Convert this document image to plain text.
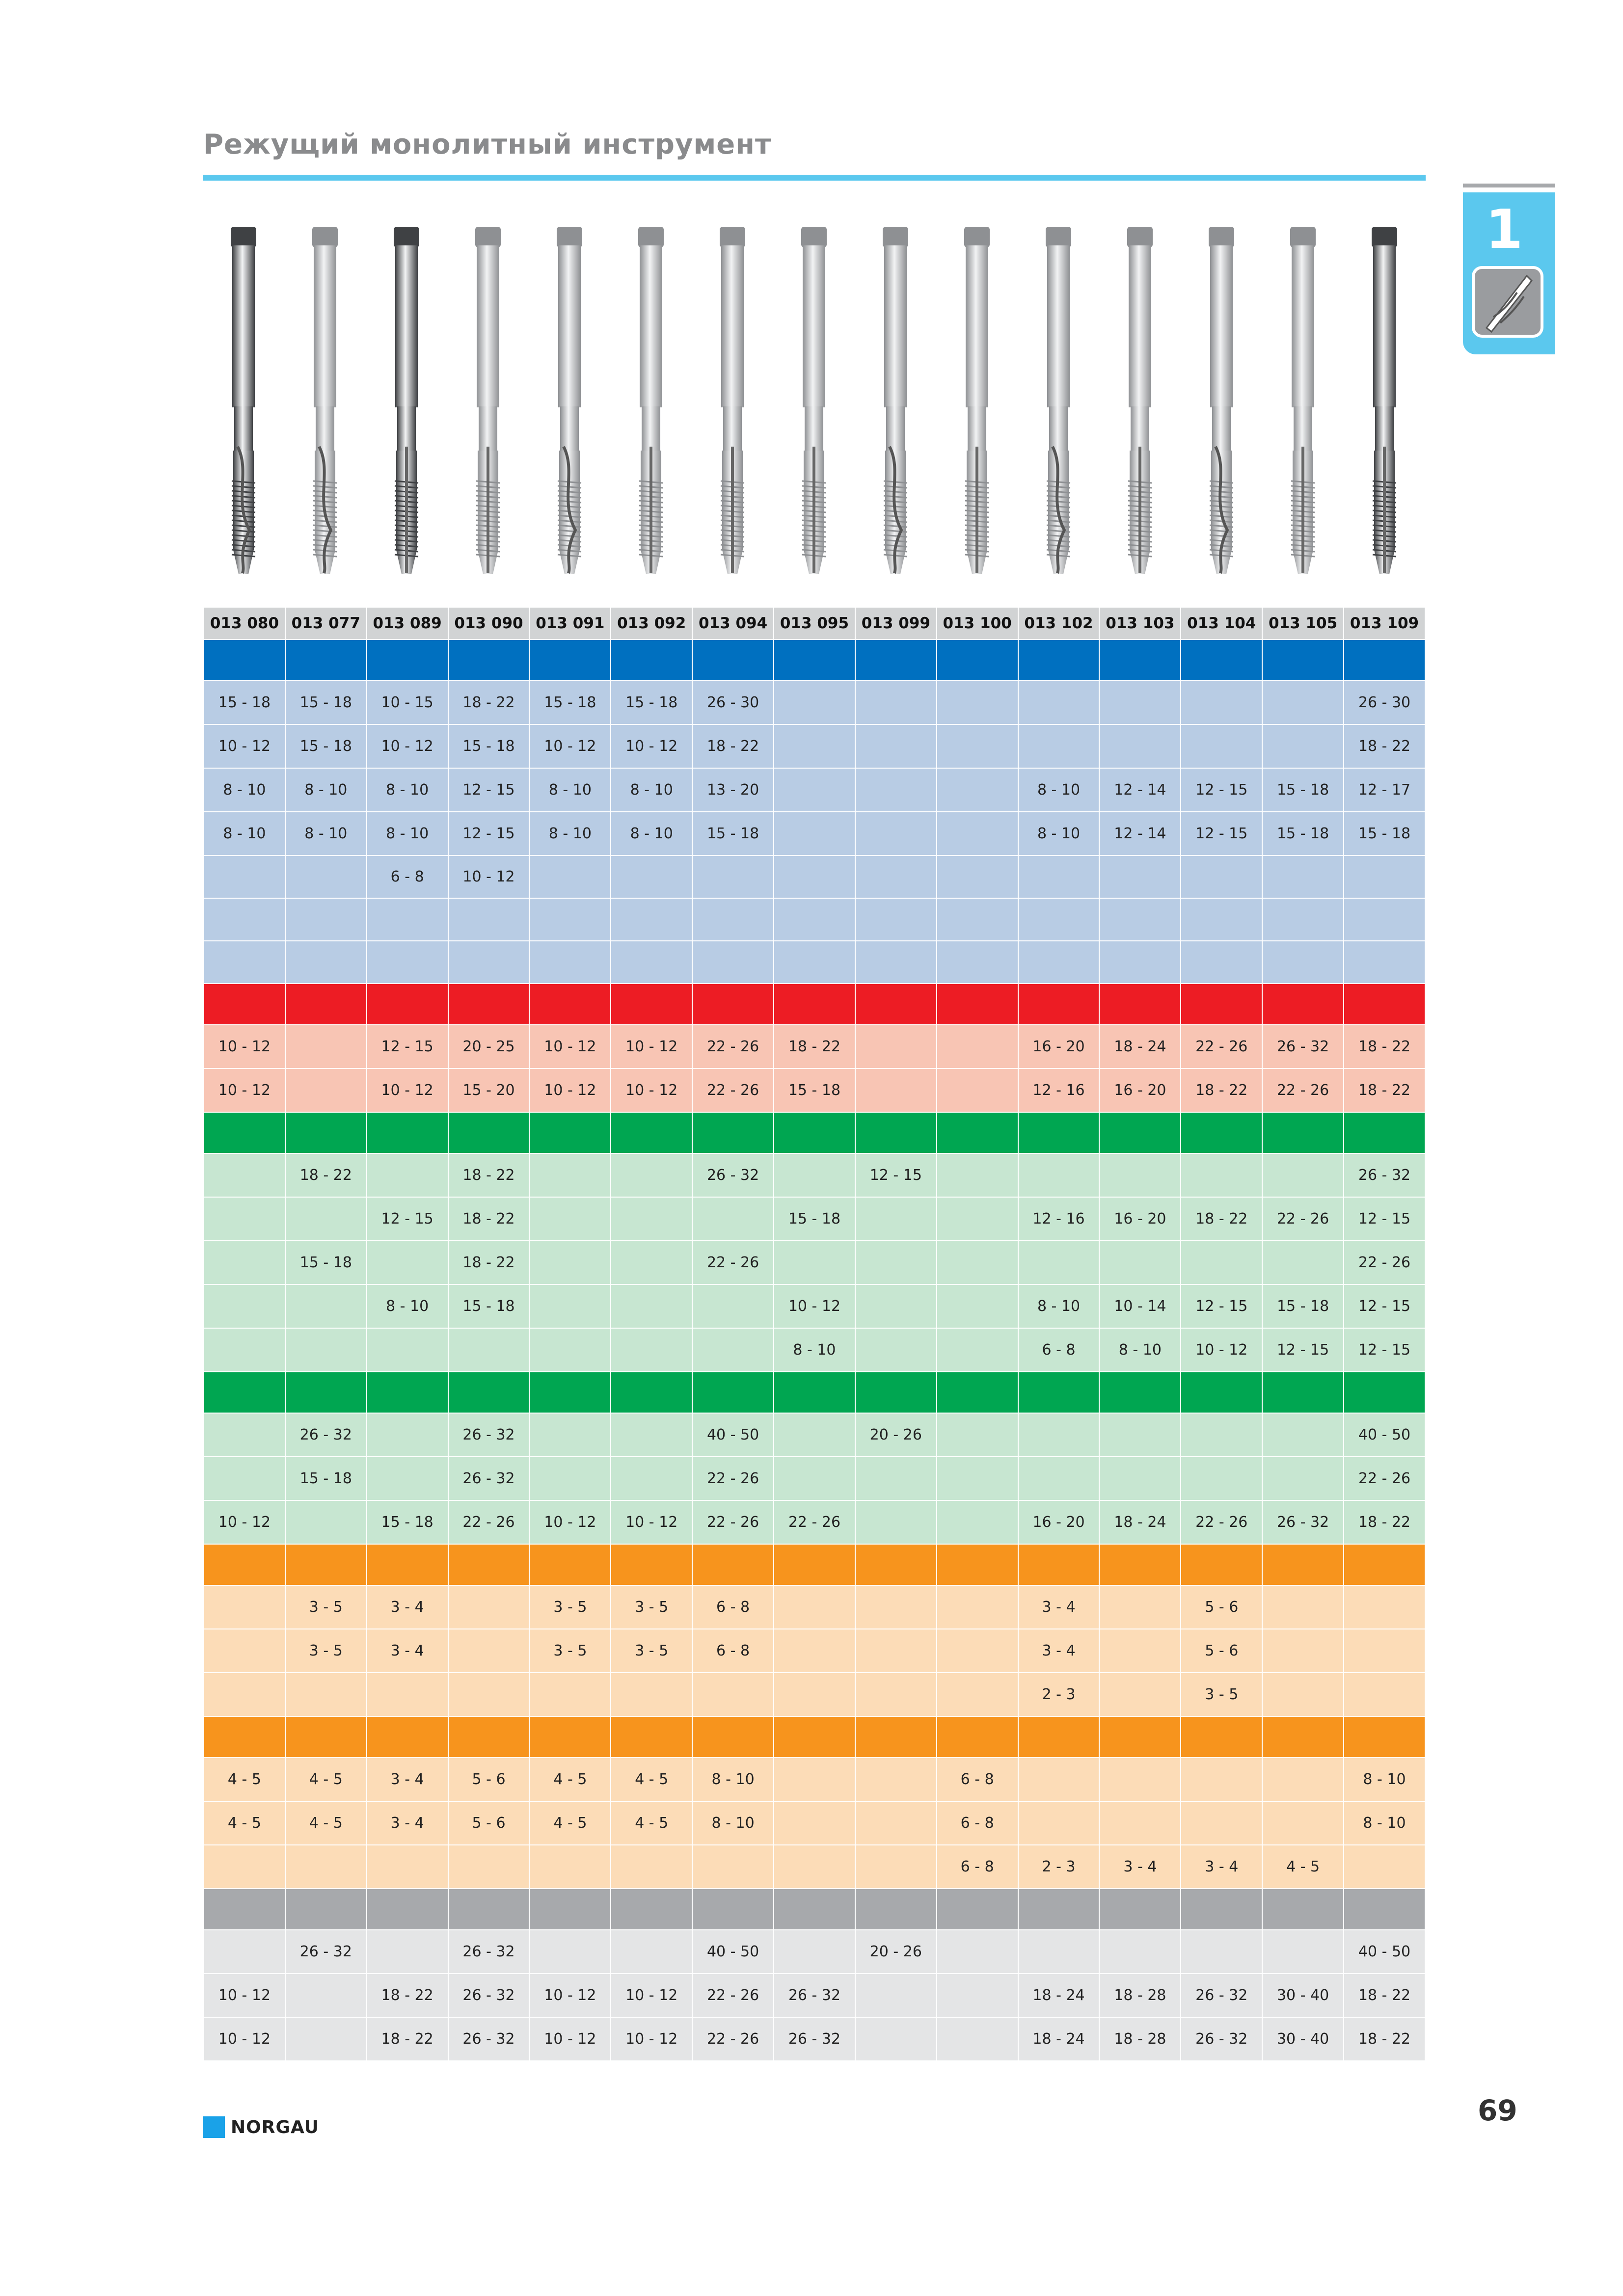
Режущий монолитный инструмент
1
013 080	013 077	013 089	013 090	013 091	013 092	013 094	013 095	013 099	013 100	013 102	013 103	013 104	013 105	013 109

15 - 18	15 - 18	10 - 15	18 - 22	15 - 18	15 - 18	26 - 30								26 - 30
10 - 12	15 - 18	10 - 12	15 - 18	10 - 12	10 - 12	18 - 22								18 - 22
8 - 10	8 - 10	8 - 10	12 - 15	8 - 10	8 - 10	13 - 20				8 - 10	12 - 14	12 - 15	15 - 18	12 - 17
8 - 10	8 - 10	8 - 10	12 - 15	8 - 10	8 - 10	15 - 18				8 - 10	12 - 14	12 - 15	15 - 18	15 - 18
		6 - 8	10 - 12											

10 - 12		12 - 15	20 - 25	10 - 12	10 - 12	22 - 26	18 - 22			16 - 20	18 - 24	22 - 26	26 - 32	18 - 22
10 - 12		10 - 12	15 - 20	10 - 12	10 - 12	22 - 26	15 - 18			12 - 16	16 - 20	18 - 22	22 - 26	18 - 22

	18 - 22		18 - 22			26 - 32		12 - 15						26 - 32
		12 - 15	18 - 22				15 - 18			12 - 16	16 - 20	18 - 22	22 - 26	12 - 15
	15 - 18		18 - 22			22 - 26								22 - 26
		8 - 10	15 - 18				10 - 12			8 - 10	10 - 14	12 - 15	15 - 18	12 - 15
							8 - 10			6 - 8	8 - 10	10 - 12	12 - 15	12 - 15

	26 - 32		26 - 32			40 - 50		20 - 26						40 - 50
	15 - 18		26 - 32			22 - 26								22 - 26
10 - 12		15 - 18	22 - 26	10 - 12	10 - 12	22 - 26	22 - 26			16 - 20	18 - 24	22 - 26	26 - 32	18 - 22

	3 - 5	3 - 4		3 - 5	3 - 5	6 - 8				3 - 4		5 - 6		
	3 - 5	3 - 4		3 - 5	3 - 5	6 - 8				3 - 4		5 - 6		
										2 - 3		3 - 5		

4 - 5	4 - 5	3 - 4	5 - 6	4 - 5	4 - 5	8 - 10			6 - 8					8 - 10
4 - 5	4 - 5	3 - 4	5 - 6	4 - 5	4 - 5	8 - 10			6 - 8					8 - 10
									6 - 8	2 - 3	3 - 4	3 - 4	4 - 5	

	26 - 32		26 - 32			40 - 50		20 - 26						40 - 50
10 - 12		18 - 22	26 - 32	10 - 12	10 - 12	22 - 26	26 - 32			18 - 24	18 - 28	26 - 32	30 - 40	18 - 22
10 - 12		18 - 22	26 - 32	10 - 12	10 - 12	22 - 26	26 - 32			18 - 24	18 - 28	26 - 32	30 - 40	18 - 22
NORGAU
69
